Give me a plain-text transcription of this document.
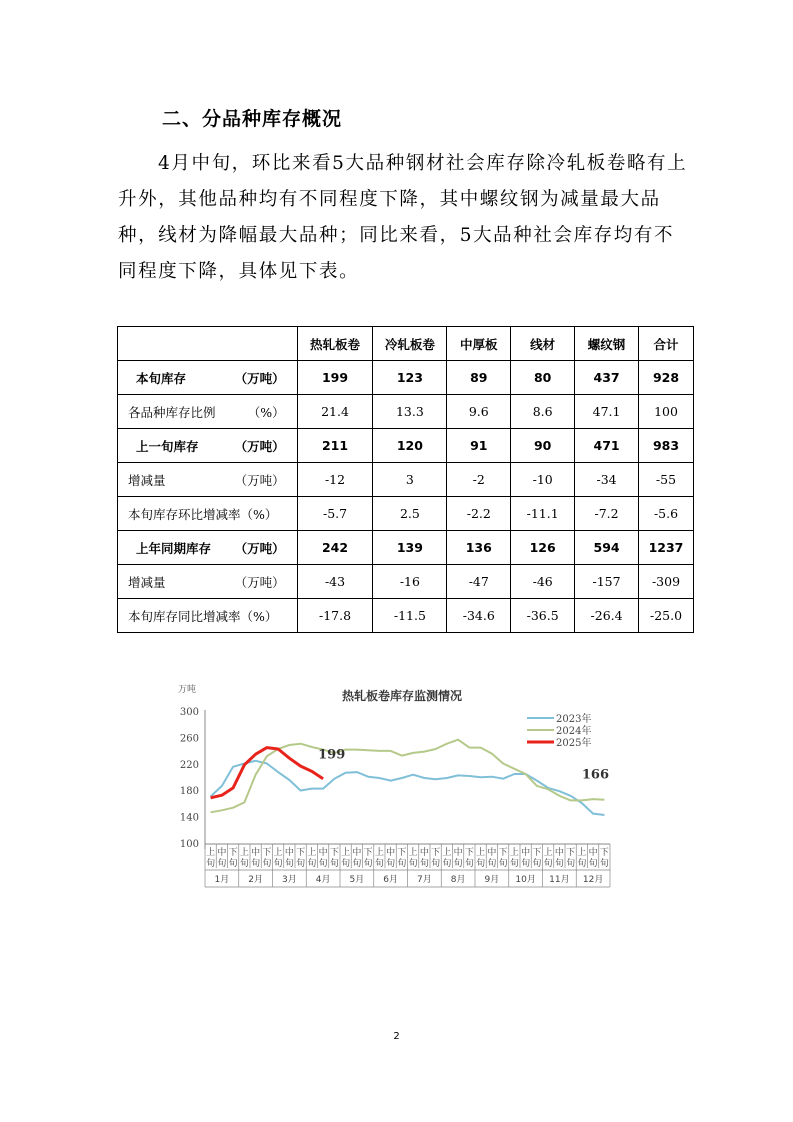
二、分品种库存概况

4月中旬，环比来看5大品种钢材社会库存除冷轧板卷略有上升外，其他品种均有不同程度下降，其中螺纹钢为减量最大品种，线材为降幅最大品种；同比来看，5大品种社会库存均有不同程度下降，具体见下表。

	热轧板卷	冷轧板卷	中厚板	线材	螺纹钢	合计
本旬库存 （万吨）	199	123	89	80	437	928
各品种库存比例 （%）	21.4	13.3	9.6	8.6	47.1	100
上一旬库存 （万吨）	211	120	91	90	471	983
增减量 （万吨）	-12	3	-2	-10	-34	-55
本旬库存环比增减率（%）	-5.7	2.5	-2.2	-11.1	-7.2	-5.6
上年同期库存 （万吨）	242	139	136	126	594	1237
增减量 （万吨）	-43	-16	-47	-46	-157	-309
本旬库存同比增减率（%）	-17.8	-11.5	-34.6	-36.5	-26.4	-25.0
热轧板卷库存监测情况
万吨
100
140
180
220
260
300
上
旬
中
旬
下
旬
上
旬
中
旬
下
旬
上
旬
中
旬
下
旬
上
旬
中
旬
下
旬
上
旬
中
旬
下
旬
上
旬
中
旬
下
旬
上
旬
中
旬
下
旬
上
旬
中
旬
下
旬
上
旬
中
旬
下
旬
上
旬
中
旬
下
旬
上
旬
中
旬
下
旬
上
旬
中
旬
下
旬
1月 2月 3月 4月 5月 6月 7月 8月 9月 10月 11月 12月
2023年
2024年
2025年
199
166
2
